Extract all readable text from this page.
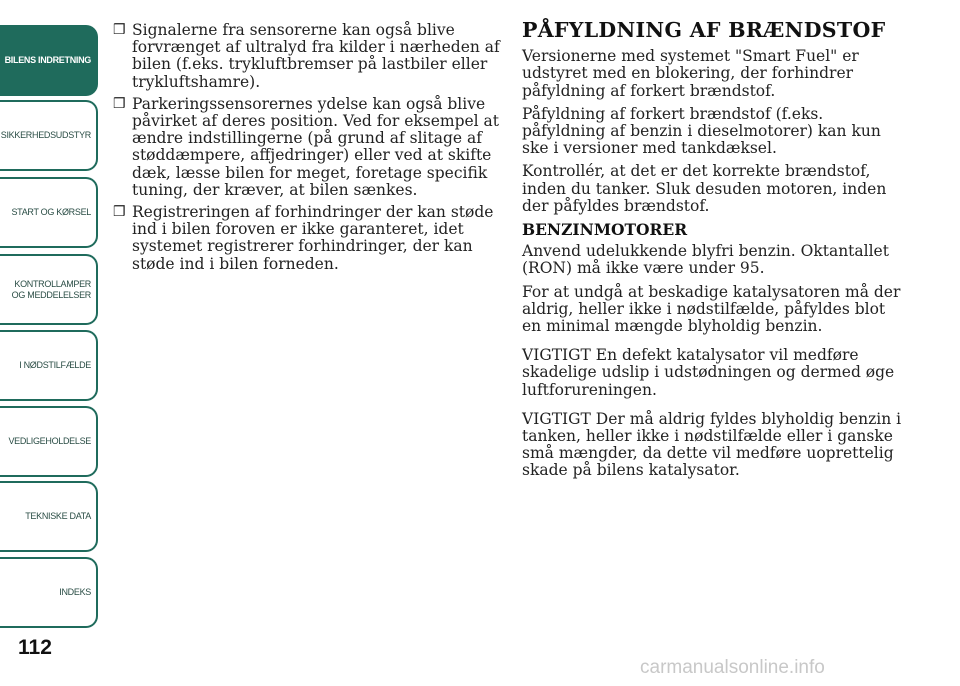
BILENS INDRETNING
SIKKERHEDSUDSTYR
START OG KØRSEL
KONTROLLAMPER OG MEDDELELSER
I NØDSTILFÆLDE
VEDLIGEHOLDELSE
TEKNISKE DATA
INDEKS
112
❒ Signalerne fra sensorerne kan også blive forvrænget af ultralyd fra kilder i nærheden af bilen (f.eks. trykluftbremser på lastbiler eller trykluftshamre).
❒ Parkeringssensorernes ydelse kan også blive påvirket af deres position. Ved for eksempel at ændre indstillingerne (på grund af slitage af støddæmpere, affjedringer) eller ved at skifte dæk, læsse bilen for meget, foretage specifik tuning, der kræver, at bilen sænkes.
❒ Registreringen af forhindringer der kan støde ind i bilen foroven er ikke garanteret, idet systemet registrerer forhindringer, der kan støde ind i bilen forneden.
PÅFYLDNING AF BRÆNDSTOF

Versionerne med systemet "Smart Fuel" er udstyret med en blokering, der forhindrer påfyldning af forkert brændstof.

Påfyldning af forkert brændstof (f.eks. påfyldning af benzin i dieselmotorer) kan kun ske i versioner med tankdæksel.

Kontrollér, at det er det korrekte brændstof, inden du tanker. Sluk desuden motoren, inden der påfyldes brændstof.

BENZINMOTORER

Anvend udelukkende blyfri benzin. Oktantallet (RON) må ikke være under 95.

For at undgå at beskadige katalysatoren må der aldrig, heller ikke i nødstilfælde, påfyldes blot en minimal mængde blyholdig benzin.

VIGTIGT En defekt katalysator vil medføre skadelige udslip i udstødningen og dermed øge luftforureningen.

VIGTIGT Der må aldrig fyldes blyholdig benzin i tanken, heller ikke i nødstilfælde eller i ganske små mængder, da dette vil medføre uoprettelig skade på bilens katalysator.

carmanualsonline.info
